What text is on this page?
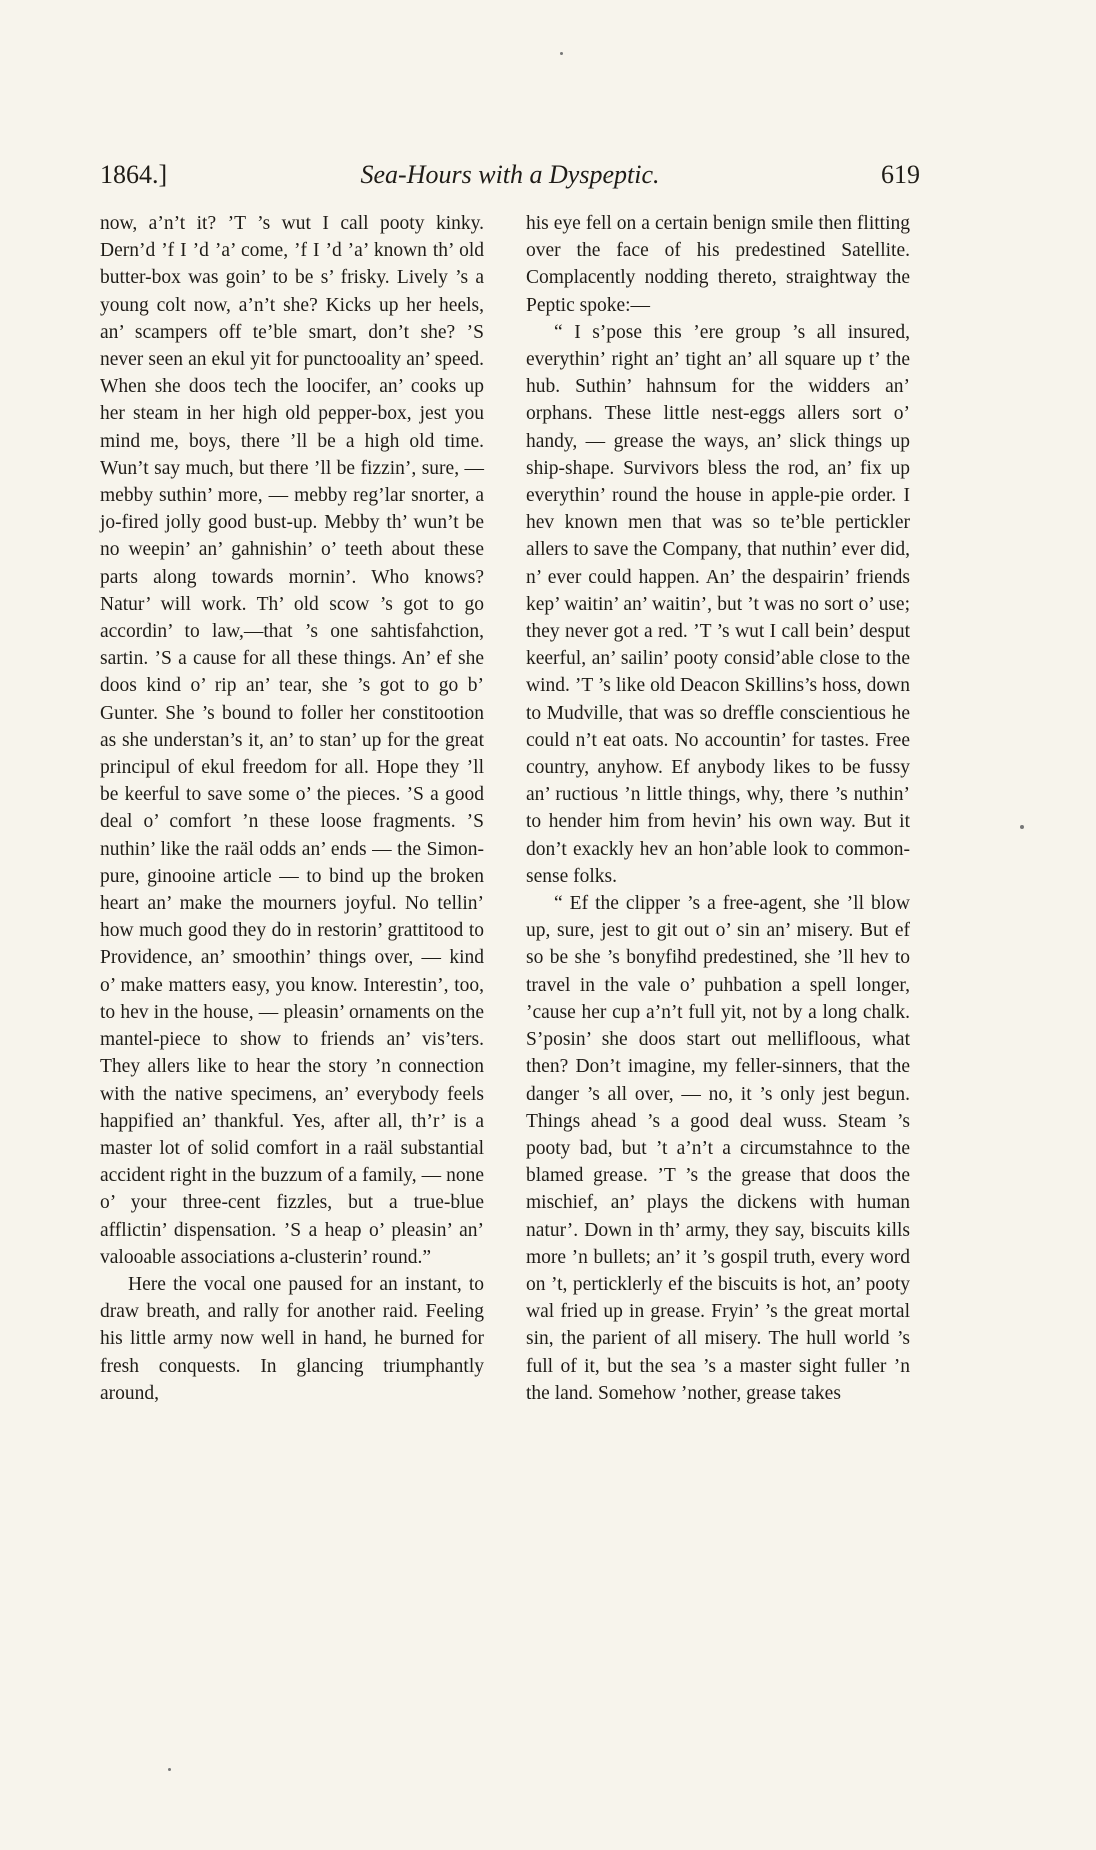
1864.]	Sea-Hours with a Dyspeptic.	619

now, a’n’t it? ’T ’s wut I call pooty kinky. Dern’d ’f I ’d ’a’ come, ’f I ’d ’a’ known th’ old butter-box was goin’ to be s’ frisky. Lively ’s a young colt now, a’n’t she? Kicks up her heels, an’ scampers off te’ble smart, don’t she? ’S never seen an ekul yit for punctooality an’ speed. When she doos tech the loocifer, an’ cooks up her steam in her high old pepper-box, jest you mind me, boys, there ’ll be a high old time. Wun’t say much, but there ’ll be fizzin’, sure, — mebby suthin’ more, — mebby reg’lar snorter, a jo-fired jolly good bust-up. Mebby th’ wun’t be no weepin’ an’ gahnishin’ o’ teeth about these parts along towards mornin’. Who knows? Natur’ will work. Th’ old scow ’s got to go accordin’ to law,—that ’s one sahtisfahction, sartin. ’S a cause for all these things. An’ ef she doos kind o’ rip an’ tear, she ’s got to go b’ Gunter. She ’s bound to foller her constitootion as she understan’s it, an’ to stan’ up for the great principul of ekul freedom for all. Hope they ’ll be keerful to save some o’ the pieces. ’S a good deal o’ comfort ’n these loose fragments. ’S nuthin’ like the raäl odds an’ ends — the Simon-pure, ginooine article — to bind up the broken heart an’ make the mourners joyful. No tellin’ how much good they do in restorin’ grattitood to Providence, an’ smoothin’ things over, — kind o’ make matters easy, you know. Interestin’, too, to hev in the house, — pleasin’ ornaments on the mantel-piece to show to friends an’ vis’ters. They allers like to hear the story ’n connection with the native specimens, an’ everybody feels happified an’ thankful. Yes, after all, th’r’ is a master lot of solid comfort in a raäl substantial accident right in the buzzum of a family, — none o’ your three-cent fizzles, but a true-blue afflictin’ dispensation. ’S a heap o’ pleasin’ an’ valooable associations a-clusterin’ round.”

Here the vocal one paused for an instant, to draw breath, and rally for another raid. Feeling his little army now well in hand, he burned for fresh conquests. In glancing triumphantly around,

his eye fell on a certain benign smile then flitting over the face of his predestined Satellite. Complacently nodding thereto, straightway the Peptic spoke:—

“ I s’pose this ’ere group ’s all insured, everythin’ right an’ tight an’ all square up t’ the hub. Suthin’ hahnsum for the widders an’ orphans. These little nest-eggs allers sort o’ handy, — grease the ways, an’ slick things up ship-shape. Survivors bless the rod, an’ fix up everythin’ round the house in apple-pie order. I hev known men that was so te’ble pertickler allers to save the Company, that nuthin’ ever did, n’ ever could happen. An’ the despairin’ friends kep’ waitin’ an’ waitin’, but ’t was no sort o’ use; they never got a red. ’T ’s wut I call bein’ desput keerful, an’ sailin’ pooty consid’able close to the wind. ’T ’s like old Deacon Skillins’s hoss, down to Mudville, that was so dreffle conscientious he could n’t eat oats. No accountin’ for tastes. Free country, anyhow. Ef anybody likes to be fussy an’ ructious ’n little things, why, there ’s nuthin’ to hender him from hevin’ his own way. But it don’t exackly hev an hon’able look to common-sense folks.

“ Ef the clipper ’s a free-agent, she ’ll blow up, sure, jest to git out o’ sin an’ misery. But ef so be she ’s bonyfihd predestined, she ’ll hev to travel in the vale o’ puhbation a spell longer, ’cause her cup a’n’t full yit, not by a long chalk. S’posin’ she doos start out mellifloous, what then? Don’t imagine, my feller-sinners, that the danger ’s all over, — no, it ’s only jest begun. Things ahead ’s a good deal wuss. Steam ’s pooty bad, but ’t a’n’t a circumstahnce to the blamed grease. ’T ’s the grease that doos the mischief, an’ plays the dickens with human natur’. Down in th’ army, they say, biscuits kills more ’n bullets; an’ it ’s gospil truth, every word on ’t, perticklerly ef the biscuits is hot, an’ pooty wal fried up in grease. Fryin’ ’s the great mortal sin, the parient of all misery. The hull world ’s full of it, but the sea ’s a master sight fuller ’n the land. Somehow ’nother, grease takes
